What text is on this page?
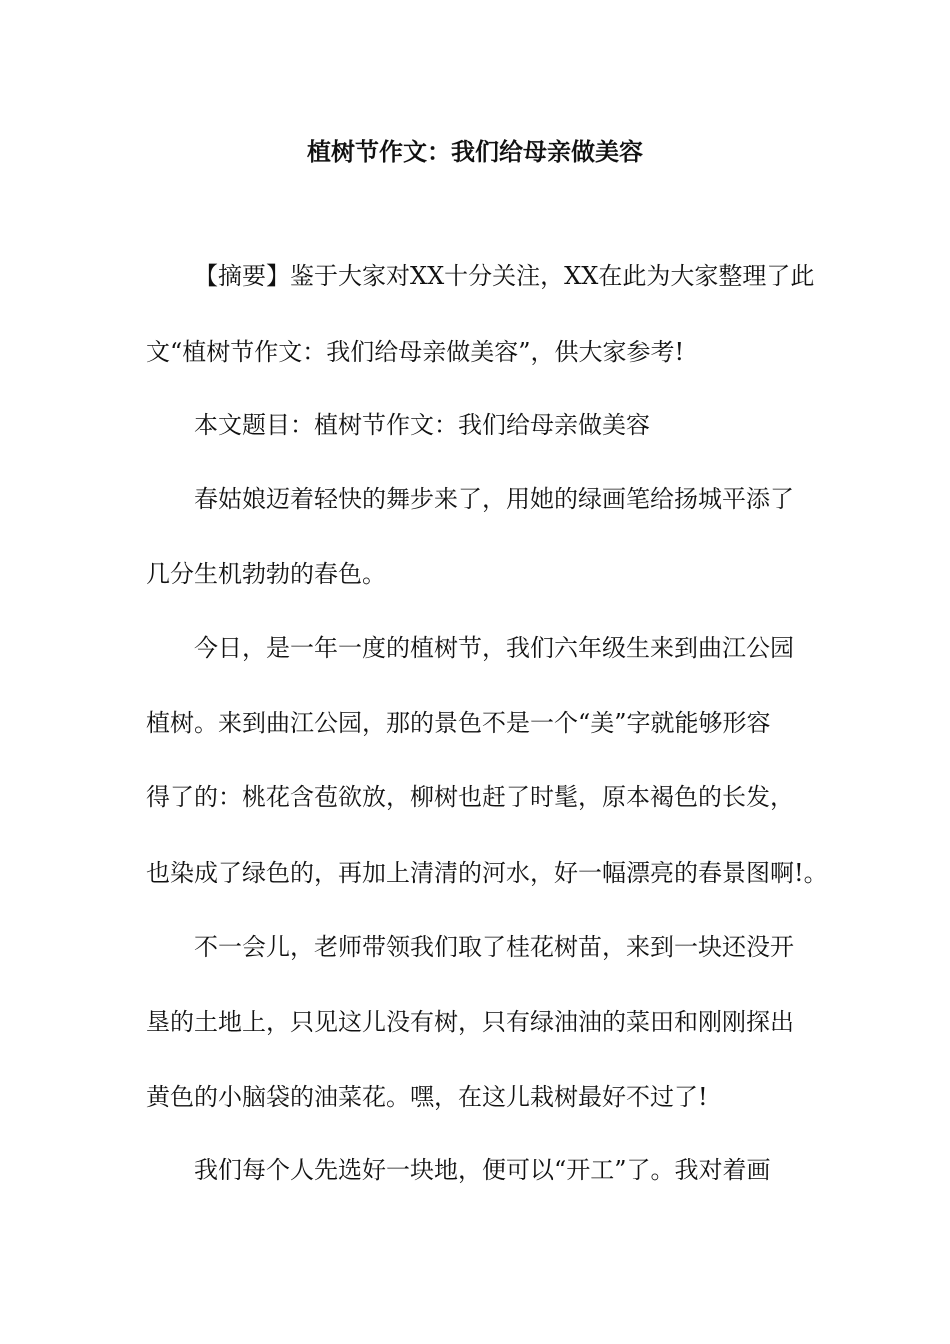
植树节作文：我们给母亲做美容
【摘要】鉴于大家对XX十分关注，XX在此为大家整理了此
文“植树节作文：我们给母亲做美容”，供大家参考!
本文题目：植树节作文：我们给母亲做美容
春姑娘迈着轻快的舞步来了，用她的绿画笔给扬城平添了
几分生机勃勃的春色。
今日，是一年一度的植树节，我们六年级生来到曲江公园
植树。来到曲江公园，那的景色不是一个“美”字就能够形容
得了的：桃花含苞欲放，柳树也赶了时髦，原本褐色的长发，
也染成了绿色的，再加上清清的河水，好一幅漂亮的春景图啊!。
不一会儿，老师带领我们取了桂花树苗，来到一块还没开
垦的土地上，只见这儿没有树，只有绿油油的菜田和刚刚探出
黄色的小脑袋的油菜花。嘿，在这儿栽树最好不过了!
我们每个人先选好一块地，便可以“开工”了。我对着画
